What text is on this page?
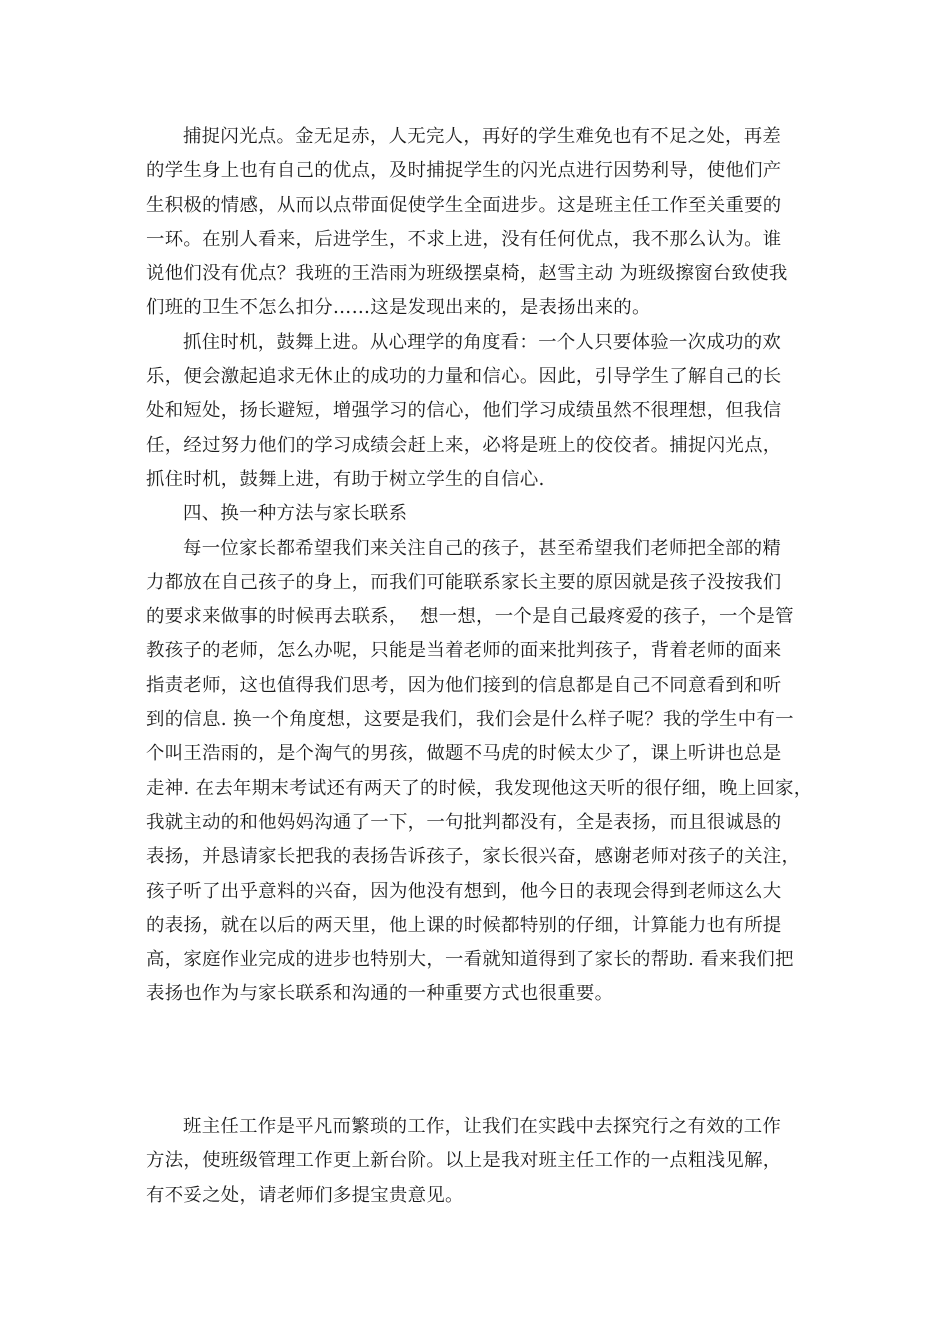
捕捉闪光点。金无足赤，人无完人，再好的学生难免也有不足之处，再差
的学生身上也有自己的优点，及时捕捉学生的闪光点进行因势利导，使他们产
生积极的情感，从而以点带面促使学生全面进步。这是班主任工作至关重要的
一环。在别人看来，后进学生，不求上进，没有任何优点，我不那么认为。谁
说他们没有优点？我班的王浩雨为班级摆桌椅，赵雪主动 为班级擦窗台致使我
们班的卫生不怎么扣分……这是发现出来的，是表扬出来的。
抓住时机，鼓舞上进。从心理学的角度看：一个人只要体验一次成功的欢
乐，便会激起追求无休止的成功的力量和信心。因此，引导学生了解自己的长
处和短处，扬长避短，增强学习的信心，他们学习成绩虽然不很理想，但我信
任，经过努力他们的学习成绩会赶上来，必将是班上的佼佼者。捕捉闪光点，
抓住时机，鼓舞上进，有助于树立学生的自信心.
四、换一种方法与家长联系
每一位家长都希望我们来关注自己的孩子，甚至希望我们老师把全部的精
力都放在自己孩子的身上，而我们可能联系家长主要的原因就是孩子没按我们
的要求来做事的时候再去联系，  想一想，一个是自己最疼爱的孩子，一个是管
教孩子的老师，怎么办呢，只能是当着老师的面来批判孩子，背着老师的面来
指责老师，这也值得我们思考，因为他们接到的信息都是自己不同意看到和听
到的信息. 换一个角度想，这要是我们，我们会是什么样子呢？我的学生中有一
个叫王浩雨的，是个淘气的男孩，做题不马虎的时候太少了，课上听讲也总是
走神. 在去年期末考试还有两天了的时候，我发现他这天听的很仔细，晚上回家，
我就主动的和他妈妈沟通了一下，一句批判都没有，全是表扬，而且很诚恳的
表扬，并恳请家长把我的表扬告诉孩子，家长很兴奋，感谢老师对孩子的关注，
孩子听了出乎意料的兴奋，因为他没有想到，他今日的表现会得到老师这么大
的表扬，就在以后的两天里，他上课的时候都特别的仔细，计算能力也有所提
高，家庭作业完成的进步也特别大，一看就知道得到了家长的帮助. 看来我们把
表扬也作为与家长联系和沟通的一种重要方式也很重要。
班主任工作是平凡而繁琐的工作，让我们在实践中去探究行之有效的工作
方法，使班级管理工作更上新台阶。以上是我对班主任工作的一点粗浅见解，
有不妥之处，请老师们多提宝贵意见。
